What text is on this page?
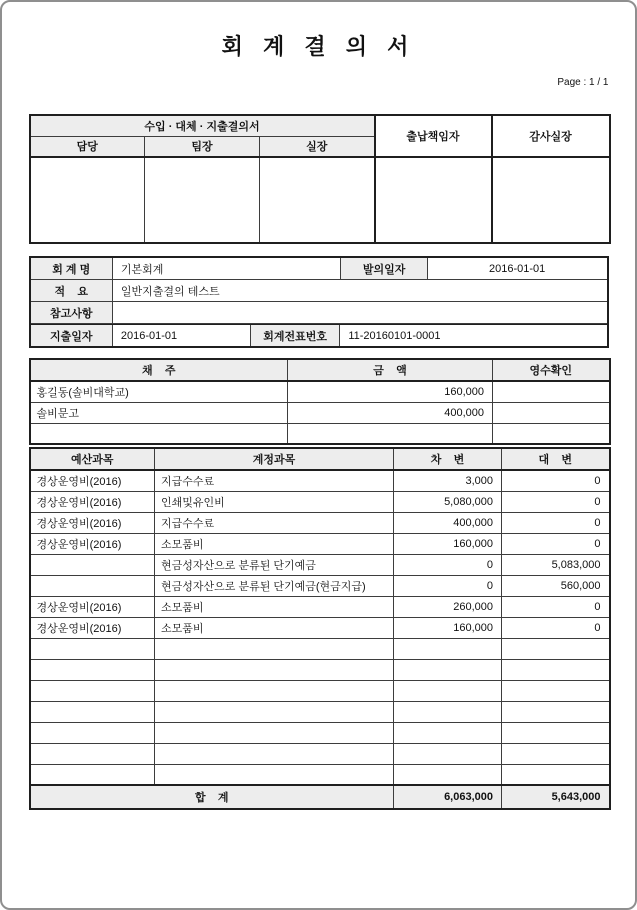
회 계 결 의 서
Page : 1 / 1
수입 · 대체 · 지출결의서			출납책임자	감사실장
담당	팀장	실장		

회 계 명	기본회계	발의일자	2016-01-01
적    요	일반지출결의 테스트
참고사항
지출일자	2016-01-01	회계전표번호	11-20160101-0001
채    주	금    액	영수확인
홍길동(솔비대학교)	160,000	
솔비문고	400,000	

예산과목	계정과목	차    변	대    변
경상운영비(2016)	지급수수료	3,000	0
경상운영비(2016)	인쇄및유인비	5,080,000	0
경상운영비(2016)	지급수수료	400,000	0
경상운영비(2016)	소모품비	160,000	0
	현금성자산으로 분류된 단기예금	0	5,083,000
	현금성자산으로 분류된 단기예금(현금지급)	0	560,000
경상운영비(2016)	소모품비	260,000	0
경상운영비(2016)	소모품비	160,000	0

합    계		6,063,000	5,643,000
